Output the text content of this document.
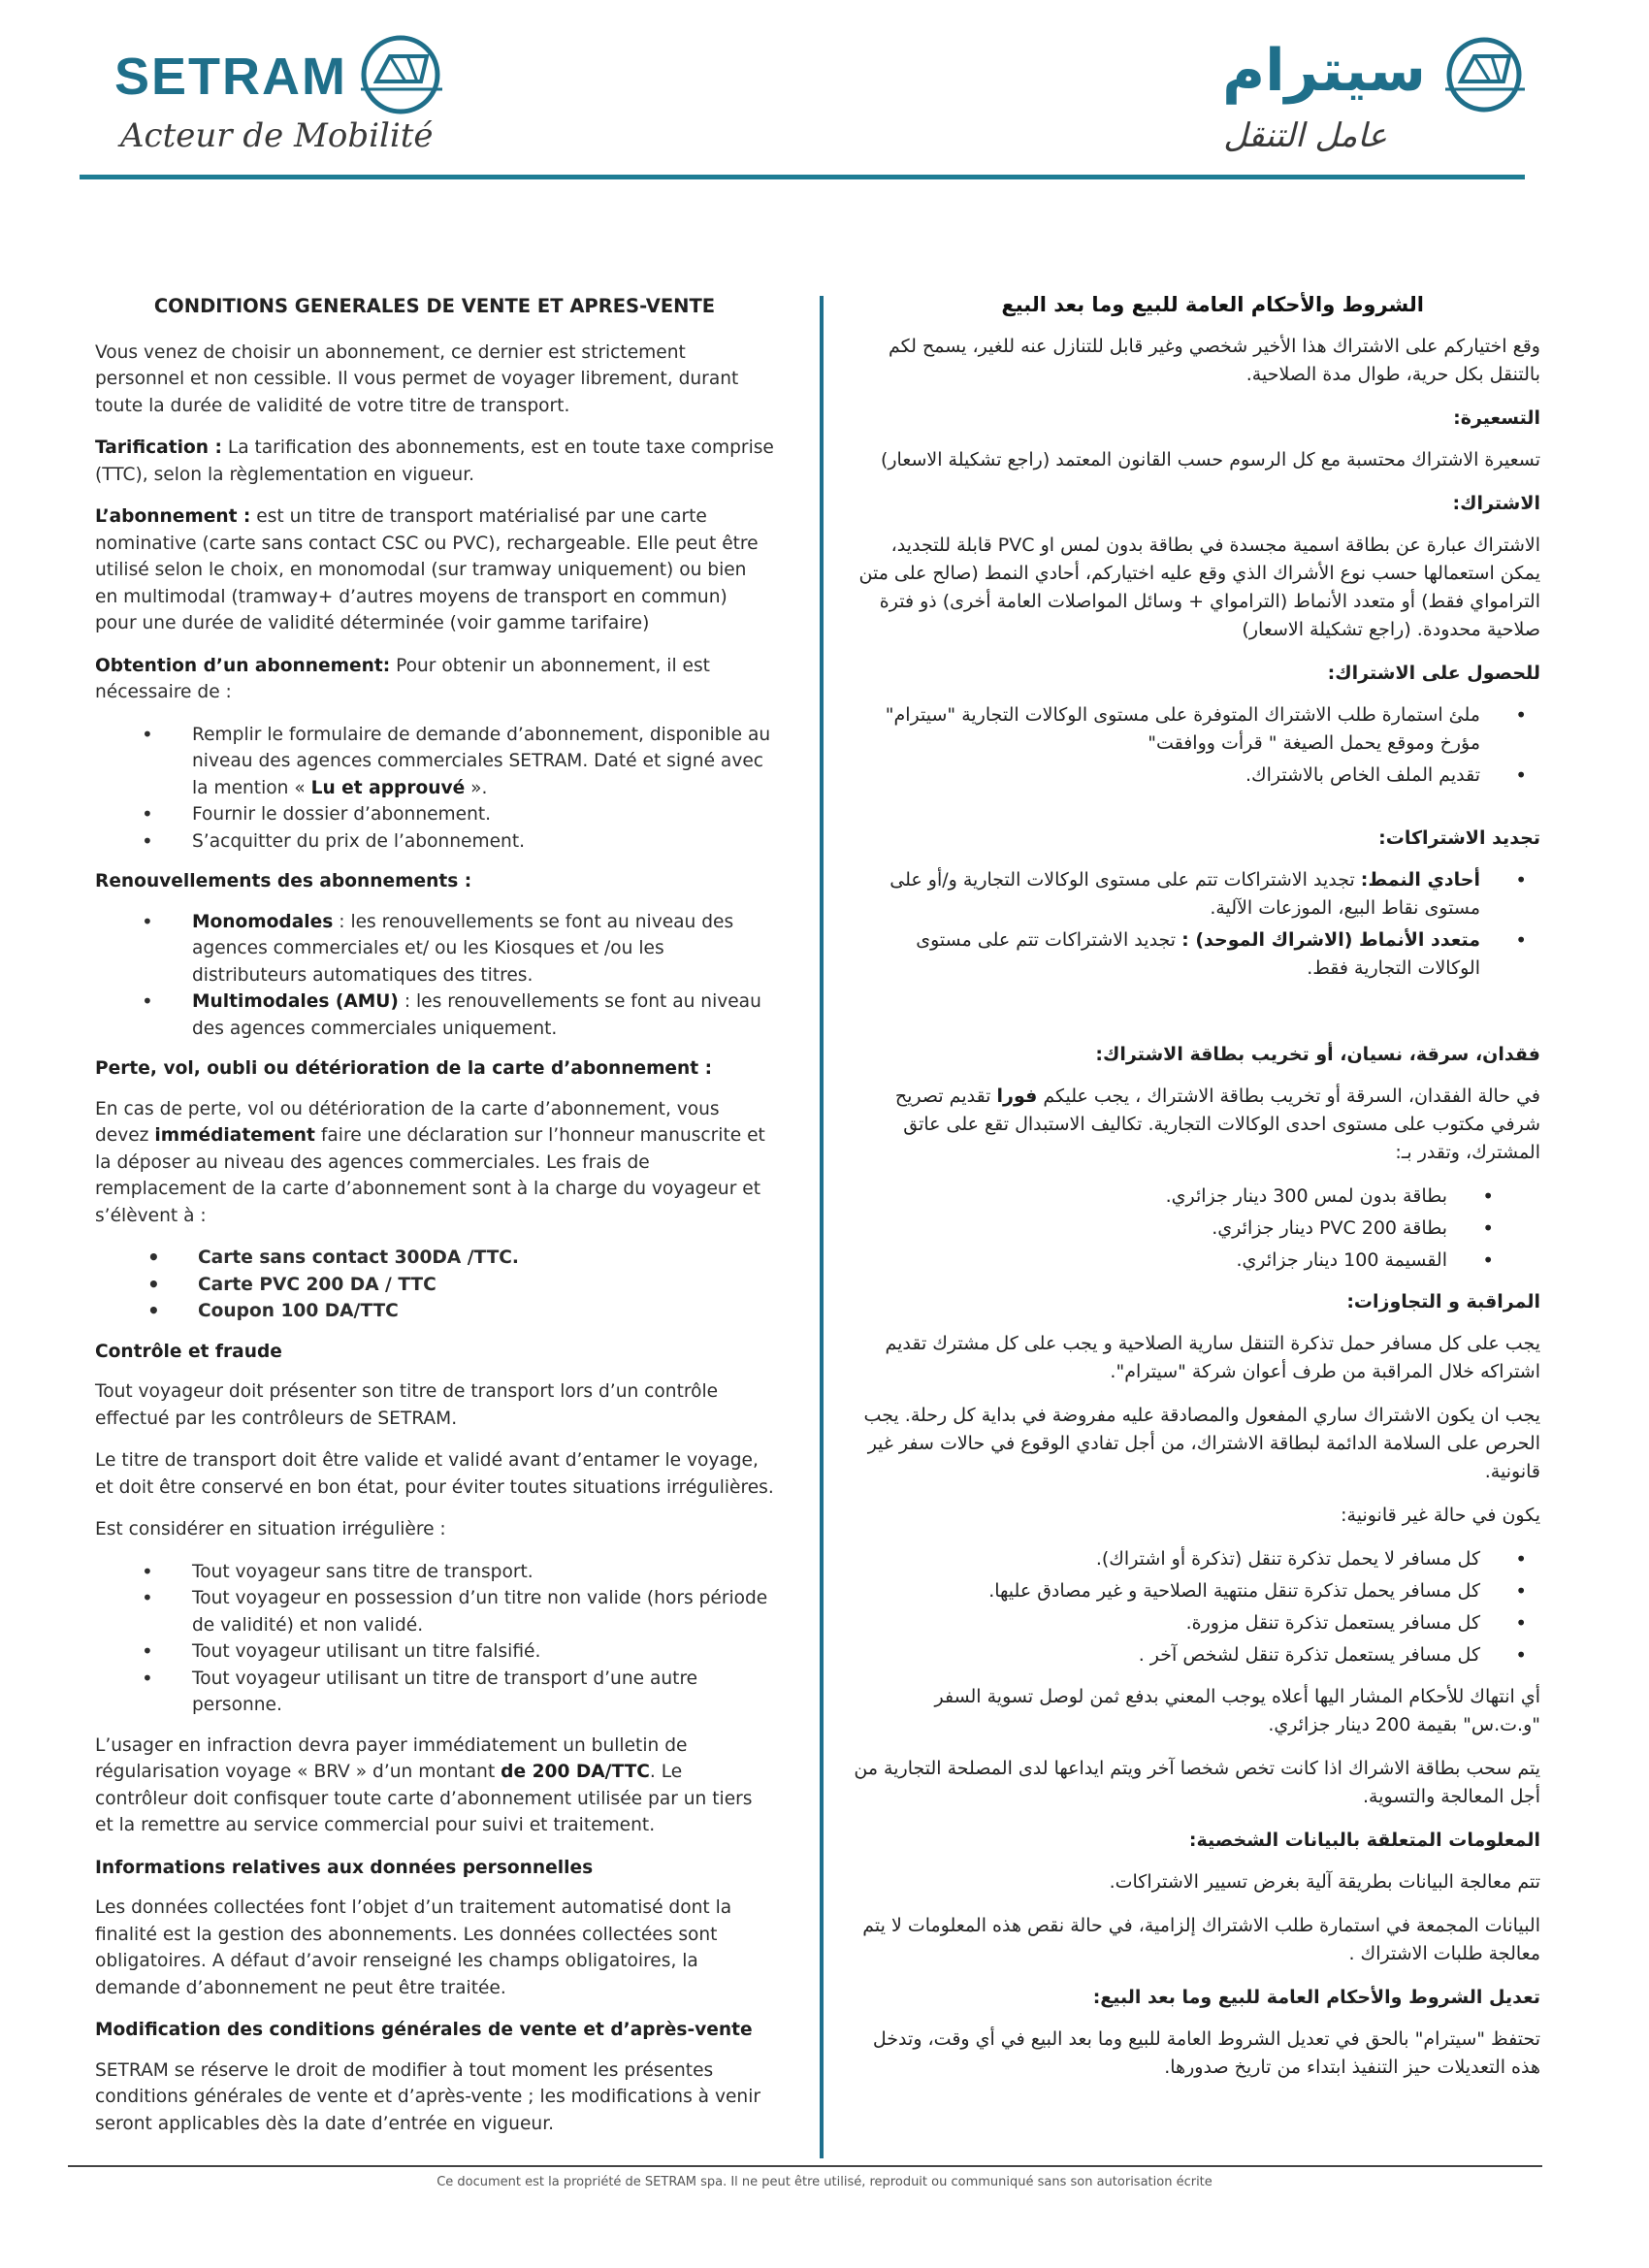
SETRAM
Acteur de Mobilité
سيترام
عامل التنقل
CONDITIONS GENERALES DE VENTE ET APRES-VENTE
Vous venez de choisir un abonnement, ce dernier est strictement personnel et non cessible. Il vous permet de voyager librement, durant toute la durée de validité de votre titre de transport.
Tarification : La tarification des abonnements, est en toute taxe comprise (TTC), selon la règlementation en vigueur.
L’abonnement : est un titre de transport matérialisé par une carte nominative (carte sans contact CSC ou PVC), rechargeable. Elle peut être utilisé selon le choix, en monomodal (sur tramway uniquement) ou bien en multimodal (tramway+ d’autres moyens de transport en commun) pour une durée de validité déterminée (voir gamme tarifaire)
Obtention d’un abonnement: Pour obtenir un abonnement, il est nécessaire de :
• Remplir le formulaire de demande d’abonnement, disponible au niveau des agences commerciales SETRAM. Daté et signé avec la mention « Lu et approuvé ».
• Fournir le dossier d’abonnement.
• S’acquitter du prix de l’abonnement.
Renouvellements des abonnements :
• Monomodales : les renouvellements se font au niveau des agences commerciales et/ ou les Kiosques et /ou les distributeurs automatiques des titres.
• Multimodales (AMU) : les renouvellements se font au niveau des agences commerciales uniquement.
Perte, vol, oubli ou détérioration de la carte d’abonnement :
En cas de perte, vol ou détérioration de la carte d’abonnement, vous devez immédiatement faire une déclaration sur l’honneur manuscrite et la déposer au niveau des agences commerciales. Les frais de remplacement de la carte d’abonnement sont à la charge du voyageur et s’élèvent à :
• Carte sans contact 300DA /TTC.
• Carte PVC 200 DA / TTC
• Coupon 100 DA/TTC
Contrôle et fraude
Tout voyageur doit présenter son titre de transport lors d’un contrôle effectué par les contrôleurs de SETRAM.
Le titre de transport doit être valide et validé avant d’entamer le voyage, et doit être conservé en bon état, pour éviter toutes situations irrégulières.
Est considérer en situation irrégulière :
• Tout voyageur sans titre de transport.
• Tout voyageur en possession d’un titre non valide (hors période de validité) et non validé.
• Tout voyageur utilisant un titre falsifié.
• Tout voyageur utilisant un titre de transport d’une autre personne.
L’usager en infraction devra payer immédiatement un bulletin de régularisation voyage « BRV » d’un montant de 200 DA/TTC. Le contrôleur doit confisquer toute carte d’abonnement utilisée par un tiers et la remettre au service commercial pour suivi et traitement.
Informations relatives aux données personnelles
Les données collectées font l’objet d’un traitement automatisé dont la finalité est la gestion des abonnements. Les données collectées sont obligatoires. A défaut d’avoir renseigné les champs obligatoires, la demande d’abonnement ne peut être traitée.
Modification des conditions générales de vente et d’après-vente
SETRAM se réserve le droit de modifier à tout moment les présentes conditions générales de vente et d’après-vente ; les modifications à venir seront applicables dès la date d’entrée en vigueur.
الشروط والأحكام العامة للبيع وما بعد البيع
وقع اختياركم على الاشتراك هذا الأخير شخصي وغير قابل للتنازل عنه للغير، يسمح لكم بالتنقل بكل حرية، طوال مدة الصلاحية.
التسعيرة:
تسعيرة الاشتراك محتسبة مع كل الرسوم حسب القانون المعتمد (راجع تشكيلة الاسعار)
الاشتراك:
الاشتراك عبارة عن بطاقة اسمية مجسدة في بطاقة بدون لمس او PVC قابلة للتجديد، يمكن استعمالها حسب نوع الأشراك الذي وقع عليه اختياركم، أحادي النمط (صالح على متن الترامواي فقط) أو متعدد الأنماط (الترامواي + وسائل المواصلات العامة أخرى) ذو فترة صلاحية محدودة. (راجع تشكيلة الاسعار)
للحصول على الاشتراك:
• ملئ استمارة طلب الاشتراك المتوفرة على مستوى الوكالات التجارية "سيترام" مؤرخ وموقع يحمل الصيغة " قرأت ووافقت"
• تقديم الملف الخاص بالاشتراك.
تجديد الاشتراكات:
• أحادي النمط: تجديد الاشتراكات تتم على مستوى الوكالات التجارية و/أو على مستوى نقاط البيع، الموزعات الآلية.
• متعدد الأنماط (الاشراك الموحد) : تجديد الاشتراكات تتم على مستوى الوكالات التجارية فقط.
فقدان، سرقة، نسيان، أو تخريب بطاقة الاشتراك:
في حالة الفقدان، السرقة أو تخريب بطاقة الاشتراك ، يجب عليكم فورا تقديم تصريح شرفي مكتوب على مستوى احدى الوكالات التجارية. تكاليف الاستبدال تقع على عاتق المشترك، وتقدر بـ:
• بطاقة بدون لمس 300 دينار جزائري.
• بطاقة PVC 200 دينار جزائري.
• القسيمة 100 دينار جزائري.
المراقبة و التجاوزات:
يجب على كل مسافر حمل تذكرة التنقل سارية الصلاحية و يجب على كل مشترك تقديم اشتراكه خلال المراقبة من طرف أعوان شركة "سيترام".
يجب ان يكون الاشتراك ساري المفعول والمصادقة عليه مفروضة في بداية كل رحلة. يجب الحرص على السلامة الدائمة لبطاقة الاشتراك، من أجل تفادي الوقوع في حالات سفر غير قانونية.
يكون في حالة غير قانونية:
• كل مسافر لا يحمل تذكرة تنقل (تذكرة أو اشتراك).
• كل مسافر يحمل تذكرة تنقل منتهية الصلاحية و غير مصادق عليها.
• كل مسافر يستعمل تذكرة تنقل مزورة.
• كل مسافر يستعمل تذكرة تنقل لشخص آخر .
أي انتهاك للأحكام المشار اليها أعلاه يوجب المعني بدفع ثمن لوصل تسوية السفر "و.ت.س" بقيمة 200 دينار جزائري.
يتم سحب بطاقة الاشراك اذا كانت تخص شخصا آخر ويتم ايداعها لدى المصلحة التجارية من أجل المعالجة والتسوية.
المعلومات المتعلقة بالبيانات الشخصية:
تتم معالجة البيانات بطريقة آلية بغرض تسيير الاشتراكات.
البيانات المجمعة في استمارة طلب الاشتراك إلزامية، في حالة نقص هذه المعلومات لا يتم معالجة طلبات الاشتراك .
تعديل الشروط والأحكام العامة للبيع وما بعد البيع:
تحتفظ "سيترام" بالحق في تعديل الشروط العامة للبيع وما بعد البيع في أي وقت، وتدخل هذه التعديلات حيز التنفيذ ابتداء من تاريخ صدورها.
Ce document est la propriété de SETRAM spa. Il ne peut être utilisé, reproduit ou communiqué sans son autorisation écrite
